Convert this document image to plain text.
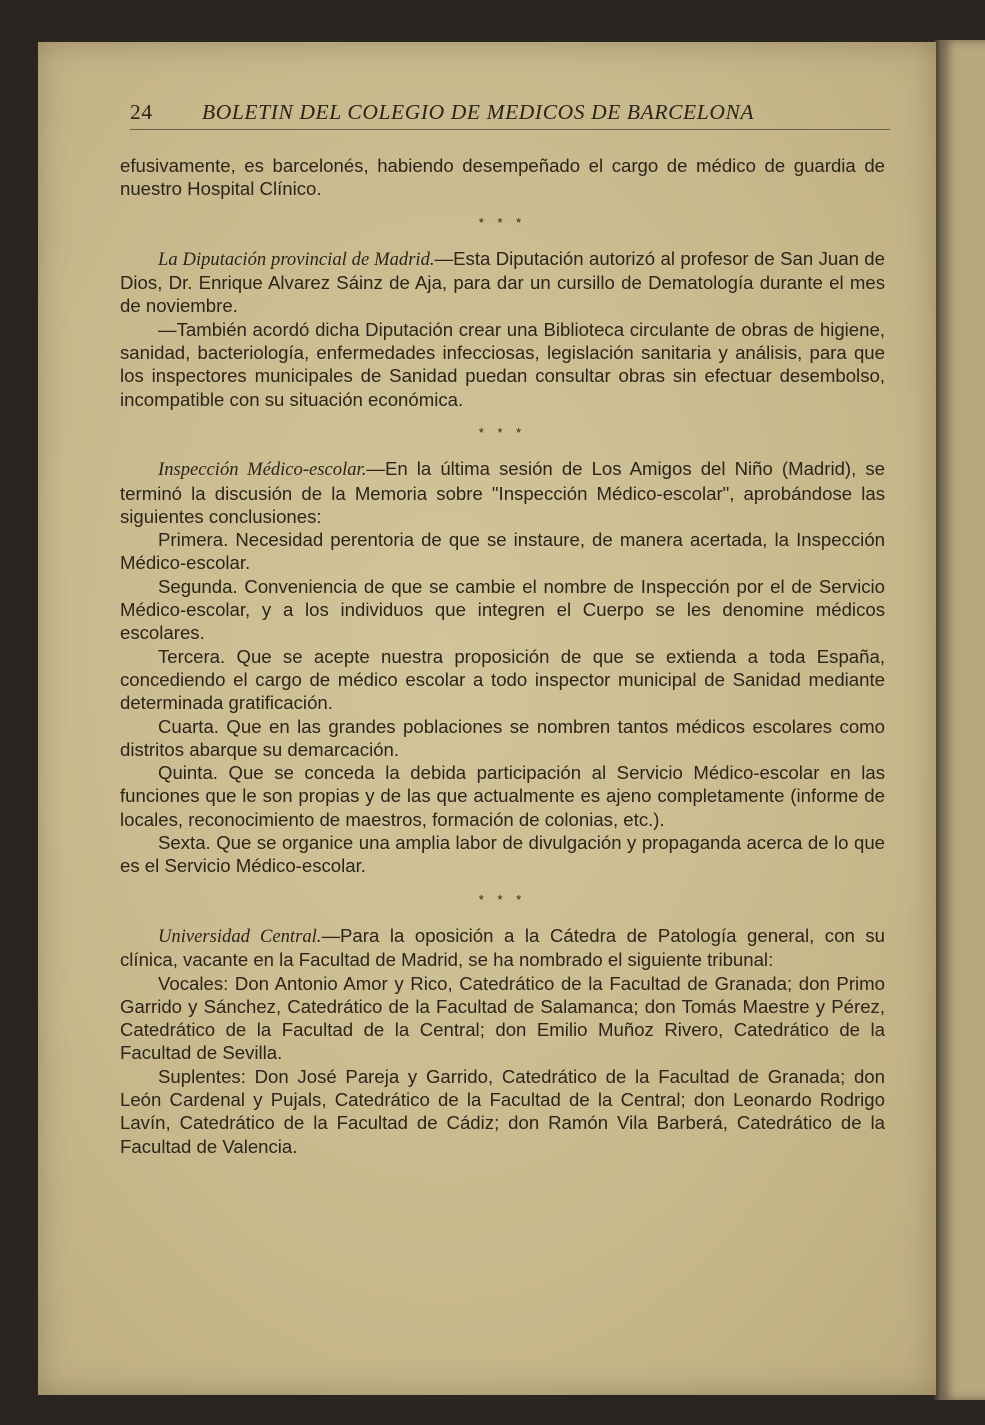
24 BOLETIN DEL COLEGIO DE MEDICOS DE BARCELONA

efusivamente, es barcelonés, habiendo desempeñado el cargo de médico de guardia de nuestro Hospital Clínico.

* * *

La Diputación provincial de Madrid.—Esta Diputación autorizó al profesor de San Juan de Dios, Dr. Enrique Alvarez Sáinz de Aja, para dar un cursillo de Dematología durante el mes de noviembre.

—También acordó dicha Diputación crear una Biblioteca circulante de obras de higiene, sanidad, bacteriología, enfermedades infecciosas, legislación sanitaria y análisis, para que los inspectores municipales de Sanidad puedan consultar obras sin efectuar desembolso, incompatible con su situación económica.

* * *

Inspección Médico-escolar.—En la última sesión de Los Amigos del Niño (Madrid), se terminó la discusión de la Memoria sobre "Inspección Médico-escolar", aprobándose las siguientes conclusiones:

Primera. Necesidad perentoria de que se instaure, de manera acertada, la Inspección Médico-escolar.

Segunda. Conveniencia de que se cambie el nombre de Inspección por el de Servicio Médico-escolar, y a los individuos que integren el Cuerpo se les denomine médicos escolares.

Tercera. Que se acepte nuestra proposición de que se extienda a toda España, concediendo el cargo de médico escolar a todo inspector municipal de Sanidad mediante determinada gratificación.

Cuarta. Que en las grandes poblaciones se nombren tantos médicos escolares como distritos abarque su demarcación.

Quinta. Que se conceda la debida participación al Servicio Médico-escolar en las funciones que le son propias y de las que actualmente es ajeno completamente (informe de locales, reconocimiento de maestros, formación de colonias, etc.).

Sexta. Que se organice una amplia labor de divulgación y propaganda acerca de lo que es el Servicio Médico-escolar.

* * *

Universidad Central.—Para la oposición a la Cátedra de Patología general, con su clínica, vacante en la Facultad de Madrid, se ha nombrado el siguiente tribunal:

Vocales: Don Antonio Amor y Rico, Catedrático de la Facultad de Granada; don Primo Garrido y Sánchez, Catedrático de la Facultad de Salamanca; don Tomás Maestre y Pérez, Catedrático de la Facultad de la Central; don Emilio Muñoz Rivero, Catedrático de la Facultad de Sevilla.

Suplentes: Don José Pareja y Garrido, Catedrático de la Facultad de Granada; don León Cardenal y Pujals, Catedrático de la Facultad de la Central; don Leonardo Rodrigo Lavín, Catedrático de la Facultad de Cádiz; don Ramón Vila Barberá, Catedrático de la Facultad de Valencia.
